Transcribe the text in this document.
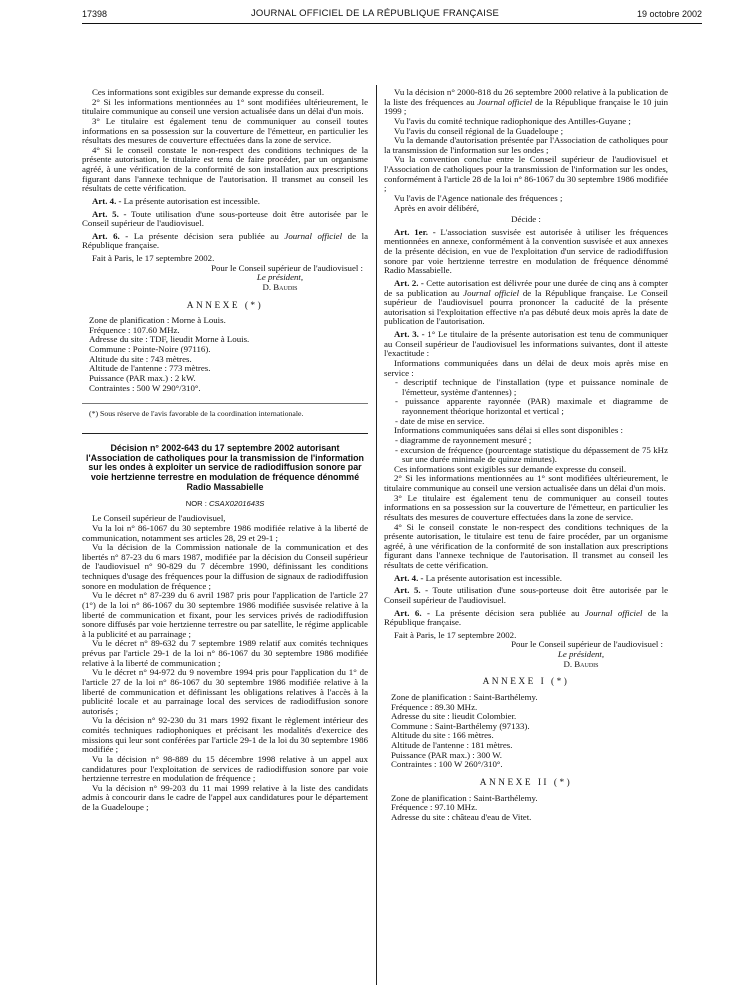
17398	JOURNAL OFFICIEL DE LA RÉPUBLIQUE FRANÇAISE	19 octobre 2002

Ces informations sont exigibles sur demande expresse du conseil.

2° Si les informations mentionnées au 1° sont modifiées ultérieurement, le titulaire communique au conseil une version actualisée dans un délai d'un mois.

3° Le titulaire est également tenu de communiquer au conseil toutes informations en sa possession sur la couverture de l'émetteur, en particulier les résultats des mesures de couverture effectuées dans la zone de service.

4° Si le conseil constate le non-respect des conditions techniques de la présente autorisation, le titulaire est tenu de faire procéder, par un organisme agréé, à une vérification de la conformité de son installation aux prescriptions figurant dans l'annexe technique de l'autorisation. Il transmet au conseil les résultats de cette vérification.

Art. 4. - La présente autorisation est incessible.

Art. 5. - Toute utilisation d'une sous-porteuse doit être autorisée par le Conseil supérieur de l'audiovisuel.

Art. 6. - La présente décision sera publiée au Journal officiel de la République française.

Fait à Paris, le 17 septembre 2002.

Pour le Conseil supérieur de l'audiovisuel :

Le président,

D. Baudis

ANNEXE (*)

Zone de planification : Morne à Louis.

Fréquence : 107.60 MHz.

Adresse du site : TDF, lieudit Morne à Louis.

Commune : Pointe-Noire (97116).

Altitude du site : 743 mètres.

Altitude de l'antenne : 773 mètres.

Puissance (PAR max.) : 2 kW.

Contraintes : 500 W 290°/310°.

(*) Sous réserve de l'avis favorable de la coordination internationale.

Décision n° 2002-643 du 17 septembre 2002 autorisant l'Association de catholiques pour la transmission de l'information sur les ondes à exploiter un service de radiodiffusion sonore par voie hertzienne terrestre en modulation de fréquence dénommé Radio Massabielle

NOR : CSAX0201643S

Le Conseil supérieur de l'audiovisuel,

Vu la loi n° 86-1067 du 30 septembre 1986 modifiée relative à la liberté de communication, notamment ses articles 28, 29 et 29-1 ;

Vu la décision de la Commission nationale de la communication et des libertés n° 87-23 du 6 mars 1987, modifiée par la décision du Conseil supérieur de l'audiovisuel n° 90-829 du 7 décembre 1990, définissant les conditions techniques d'usage des fréquences pour la diffusion de signaux de radiodiffusion sonore en modulation de fréquence ;

Vu le décret n° 87-239 du 6 avril 1987 pris pour l'application de l'article 27 (1°) de la loi n° 86-1067 du 30 septembre 1986 modifiée susvisée relative à la liberté de communication et fixant, pour les services privés de radiodiffusion sonore diffusés par voie hertzienne terrestre ou par satellite, le régime applicable à la publicité et au parrainage ;

Vu le décret n° 89-632 du 7 septembre 1989 relatif aux comités techniques prévus par l'article 29-1 de la loi n° 86-1067 du 30 septembre 1986 modifiée relative à la liberté de communication ;

Vu le décret n° 94-972 du 9 novembre 1994 pris pour l'application du 1° de l'article 27 de la loi n° 86-1067 du 30 septembre 1986 modifiée relative à la liberté de communication et définissant les obligations relatives à l'accès à la publicité locale et au parrainage local des services de radiodiffusion sonore autorisés ;

Vu la décision n° 92-230 du 31 mars 1992 fixant le règlement intérieur des comités techniques radiophoniques et précisant les modalités d'exercice des missions qui leur sont conférées par l'article 29-1 de la loi du 30 septembre 1986 modifiée ;

Vu la décision n° 98-889 du 15 décembre 1998 relative à un appel aux candidatures pour l'exploitation de services de radiodiffusion sonore par voie hertzienne terrestre en modulation de fréquence ;

Vu la décision n° 99-203 du 11 mai 1999 relative à la liste des candidats admis à concourir dans le cadre de l'appel aux candidatures pour le département de la Guadeloupe ;

Vu la décision n° 2000-818 du 26 septembre 2000 relative à la publication de la liste des fréquences au Journal officiel de la République française le 10 juin 1999 ;

Vu l'avis du comité technique radiophonique des Antilles-Guyane ;

Vu l'avis du conseil régional de la Guadeloupe ;

Vu la demande d'autorisation présentée par l'Association de catholiques pour la transmission de l'information sur les ondes ;

Vu la convention conclue entre le Conseil supérieur de l'audiovisuel et l'Association de catholiques pour la transmission de l'information sur les ondes, conformément à l'article 28 de la loi n° 86-1067 du 30 septembre 1986 modifiée ;

Vu l'avis de l'Agence nationale des fréquences ;

Après en avoir délibéré,

Décide :

Art. 1er. - L'association susvisée est autorisée à utiliser les fréquences mentionnées en annexe, conformément à la convention susvisée et aux annexes de la présente décision, en vue de l'exploitation d'un service de radiodiffusion sonore par voie hertzienne terrestre en modulation de fréquence dénommé Radio Massabielle.

Art. 2. - Cette autorisation est délivrée pour une durée de cinq ans à compter de sa publication au Journal officiel de la République française. Le Conseil supérieur de l'audiovisuel pourra prononcer la caducité de la présente autorisation si l'exploitation effective n'a pas débuté deux mois après la date de publication de l'autorisation.

Art. 3. - 1° Le titulaire de la présente autorisation est tenu de communiquer au Conseil supérieur de l'audiovisuel les informations suivantes, dont il atteste l'exactitude :

Informations communiquées dans un délai de deux mois après mise en service :

- descriptif technique de l'installation (type et puissance nominale de l'émetteur, système d'antennes) ;

- puissance apparente rayonnée (PAR) maximale et diagramme de rayonnement théorique horizontal et vertical ;

- date de mise en service.

Informations communiquées sans délai si elles sont disponibles :

- diagramme de rayonnement mesuré ;

- excursion de fréquence (pourcentage statistique du dépassement de 75 kHz sur une durée minimale de quinze minutes).

Ces informations sont exigibles sur demande expresse du conseil.

2° Si les informations mentionnées au 1° sont modifiées ultérieurement, le titulaire communique au conseil une version actualisée dans un délai d'un mois.

3° Le titulaire est également tenu de communiquer au conseil toutes informations en sa possession sur la couverture de l'émetteur, en particulier les résultats des mesures de couverture effectuées dans la zone de service.

4° Si le conseil constate le non-respect des conditions techniques de la présente autorisation, le titulaire est tenu de faire procéder, par un organisme agréé, à une vérification de la conformité de son installation aux prescriptions figurant dans l'annexe technique de l'autorisation. Il transmet au conseil les résultats de cette vérification.

Art. 4. - La présente autorisation est incessible.

Art. 5. - Toute utilisation d'une sous-porteuse doit être autorisée par le Conseil supérieur de l'audiovisuel.

Art. 6. - La présente décision sera publiée au Journal officiel de la République française.

Fait à Paris, le 17 septembre 2002.

Pour le Conseil supérieur de l'audiovisuel :

Le président,

D. Baudis

ANNEXE I (*)

Zone de planification : Saint-Barthélemy.

Fréquence : 89.30 MHz.

Adresse du site : lieudit Colombier.

Commune : Saint-Barthélemy (97133).

Altitude du site : 166 mètres.

Altitude de l'antenne : 181 mètres.

Puissance (PAR max.) : 300 W.

Contraintes : 100 W 260°/310°.

ANNEXE II (*)

Zone de planification : Saint-Barthélemy.

Fréquence : 97.10 MHz.

Adresse du site : château d'eau de Vitet.
